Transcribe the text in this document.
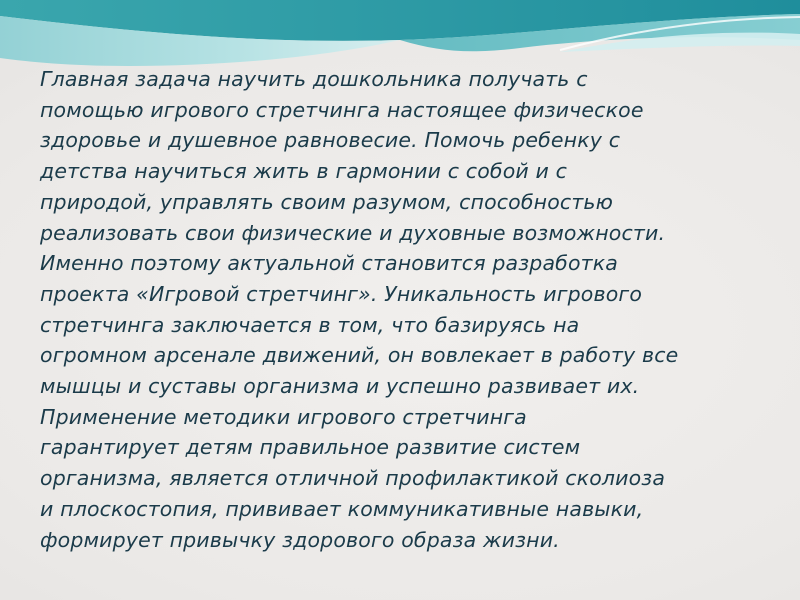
Главная задача научить дошкольника получать с
помощью игрового стретчинга настоящее физическое
здоровье и душевное равновесие. Помочь ребенку с
детства научиться жить в гармонии с собой и с
природой, управлять своим разумом, способностью
реализовать свои физические и духовные возможности.
Именно поэтому актуальной становится разработка
проекта «Игровой стретчинг». Уникальность игрового
стретчинга заключается в том, что базируясь на
огромном арсенале движений, он вовлекает в работу все
мышцы и суставы организма и успешно развивает их.
Применение методики игрового стретчинга
гарантирует детям правильное развитие систем
организма, является отличной профилактикой сколиоза
и плоскостопия, прививает коммуникативные навыки,
формирует привычку здорового образа жизни.
